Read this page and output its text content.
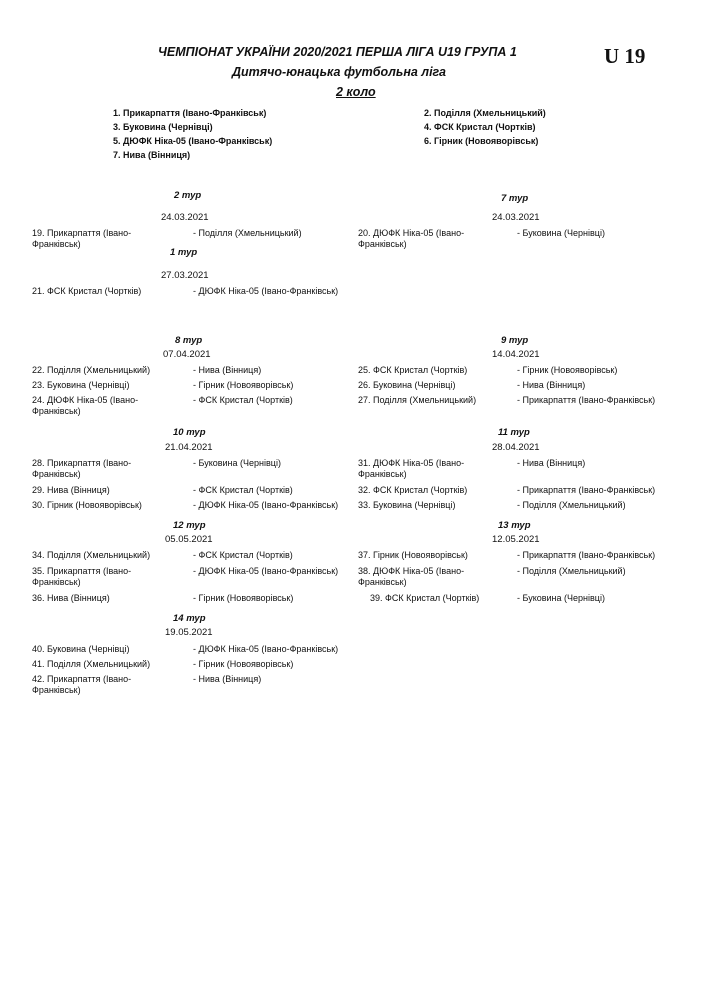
ЧЕМПІОНАТ УКРАЇНИ 2020/2021 ПЕРША ЛІГА U19 ГРУПА 1
Дитячо-юнацька футбольна ліга
2 коло
U 19
1. Прикарпаття (Івано-Франківськ)	2. Поділля (Хмельницький)
3. Буковина (Чернівці)	4. ФСК Кристал (Чортків)
5. ДЮФК Ніка-05 (Івано-Франківськ)	6. Гірник (Новояворівськ)
7. Нива (Вінниця)
2 тур
24.03.2021
19. Прикарпаття (Івано-Франківськ)
- Поділля (Хмельницький)
7 тур
24.03.2021
20. ДЮФК Ніка-05 (Івано-Франківськ)
- Буковина (Чернівці)
1 тур
27.03.2021
21. ФСК Кристал (Чортків)	- ДЮФК Ніка-05 (Івано-Франківськ)
8 тур
07.04.2021
22. Поділля (Хмельницький)	- Нива (Вінниця)
23. Буковина (Чернівці)	- Гірник (Новояворівськ)
24. ДЮФК Ніка-05 (Івано-Франківськ)
- ФСК Кристал (Чортків)
9 тур
14.04.2021
25. ФСК Кристал (Чортків)	- Гірник (Новояворівськ)
26. Буковина (Чернівці)	- Нива (Вінниця)
27. Поділля (Хмельницький)	- Прикарпаття (Івано-Франківськ)
10 тур
21.04.2021
28. Прикарпаття (Івано-Франківськ)
- Буковина (Чернівці)
29. Нива (Вінниця)	- ФСК Кристал (Чортків)
30. Гірник (Новояворівськ)	- ДЮФК Ніка-05 (Івано-Франківськ)
11 тур
28.04.2021
31. ДЮФК Ніка-05 (Івано-Франківськ)
- Нива (Вінниця)
32. ФСК Кристал (Чортків)	- Прикарпаття (Івано-Франківськ)
33. Буковина (Чернівці)	- Поділля (Хмельницький)
12 тур
05.05.2021
34. Поділля (Хмельницький)	- ФСК Кристал (Чортків)
35. Прикарпаття (Івано-Франківськ)
- ДЮФК Ніка-05 (Івано-Франківськ)
36. Нива (Вінниця)	- Гірник (Новояворівськ)
13 тур
12.05.2021
37. Гірник (Новояворівськ)	- Прикарпаття (Івано-Франківськ)
38. ДЮФК Ніка-05 (Івано-Франківськ)
- Поділля (Хмельницький)
39. ФСК Кристал (Чортків)	- Буковина (Чернівці)
14 тур
19.05.2021
40. Буковина (Чернівці)	- ДЮФК Ніка-05 (Івано-Франківськ)
41. Поділля (Хмельницький)	- Гірник (Новояворівськ)
42. Прикарпаття (Івано-Франківськ)
- Нива (Вінниця)
